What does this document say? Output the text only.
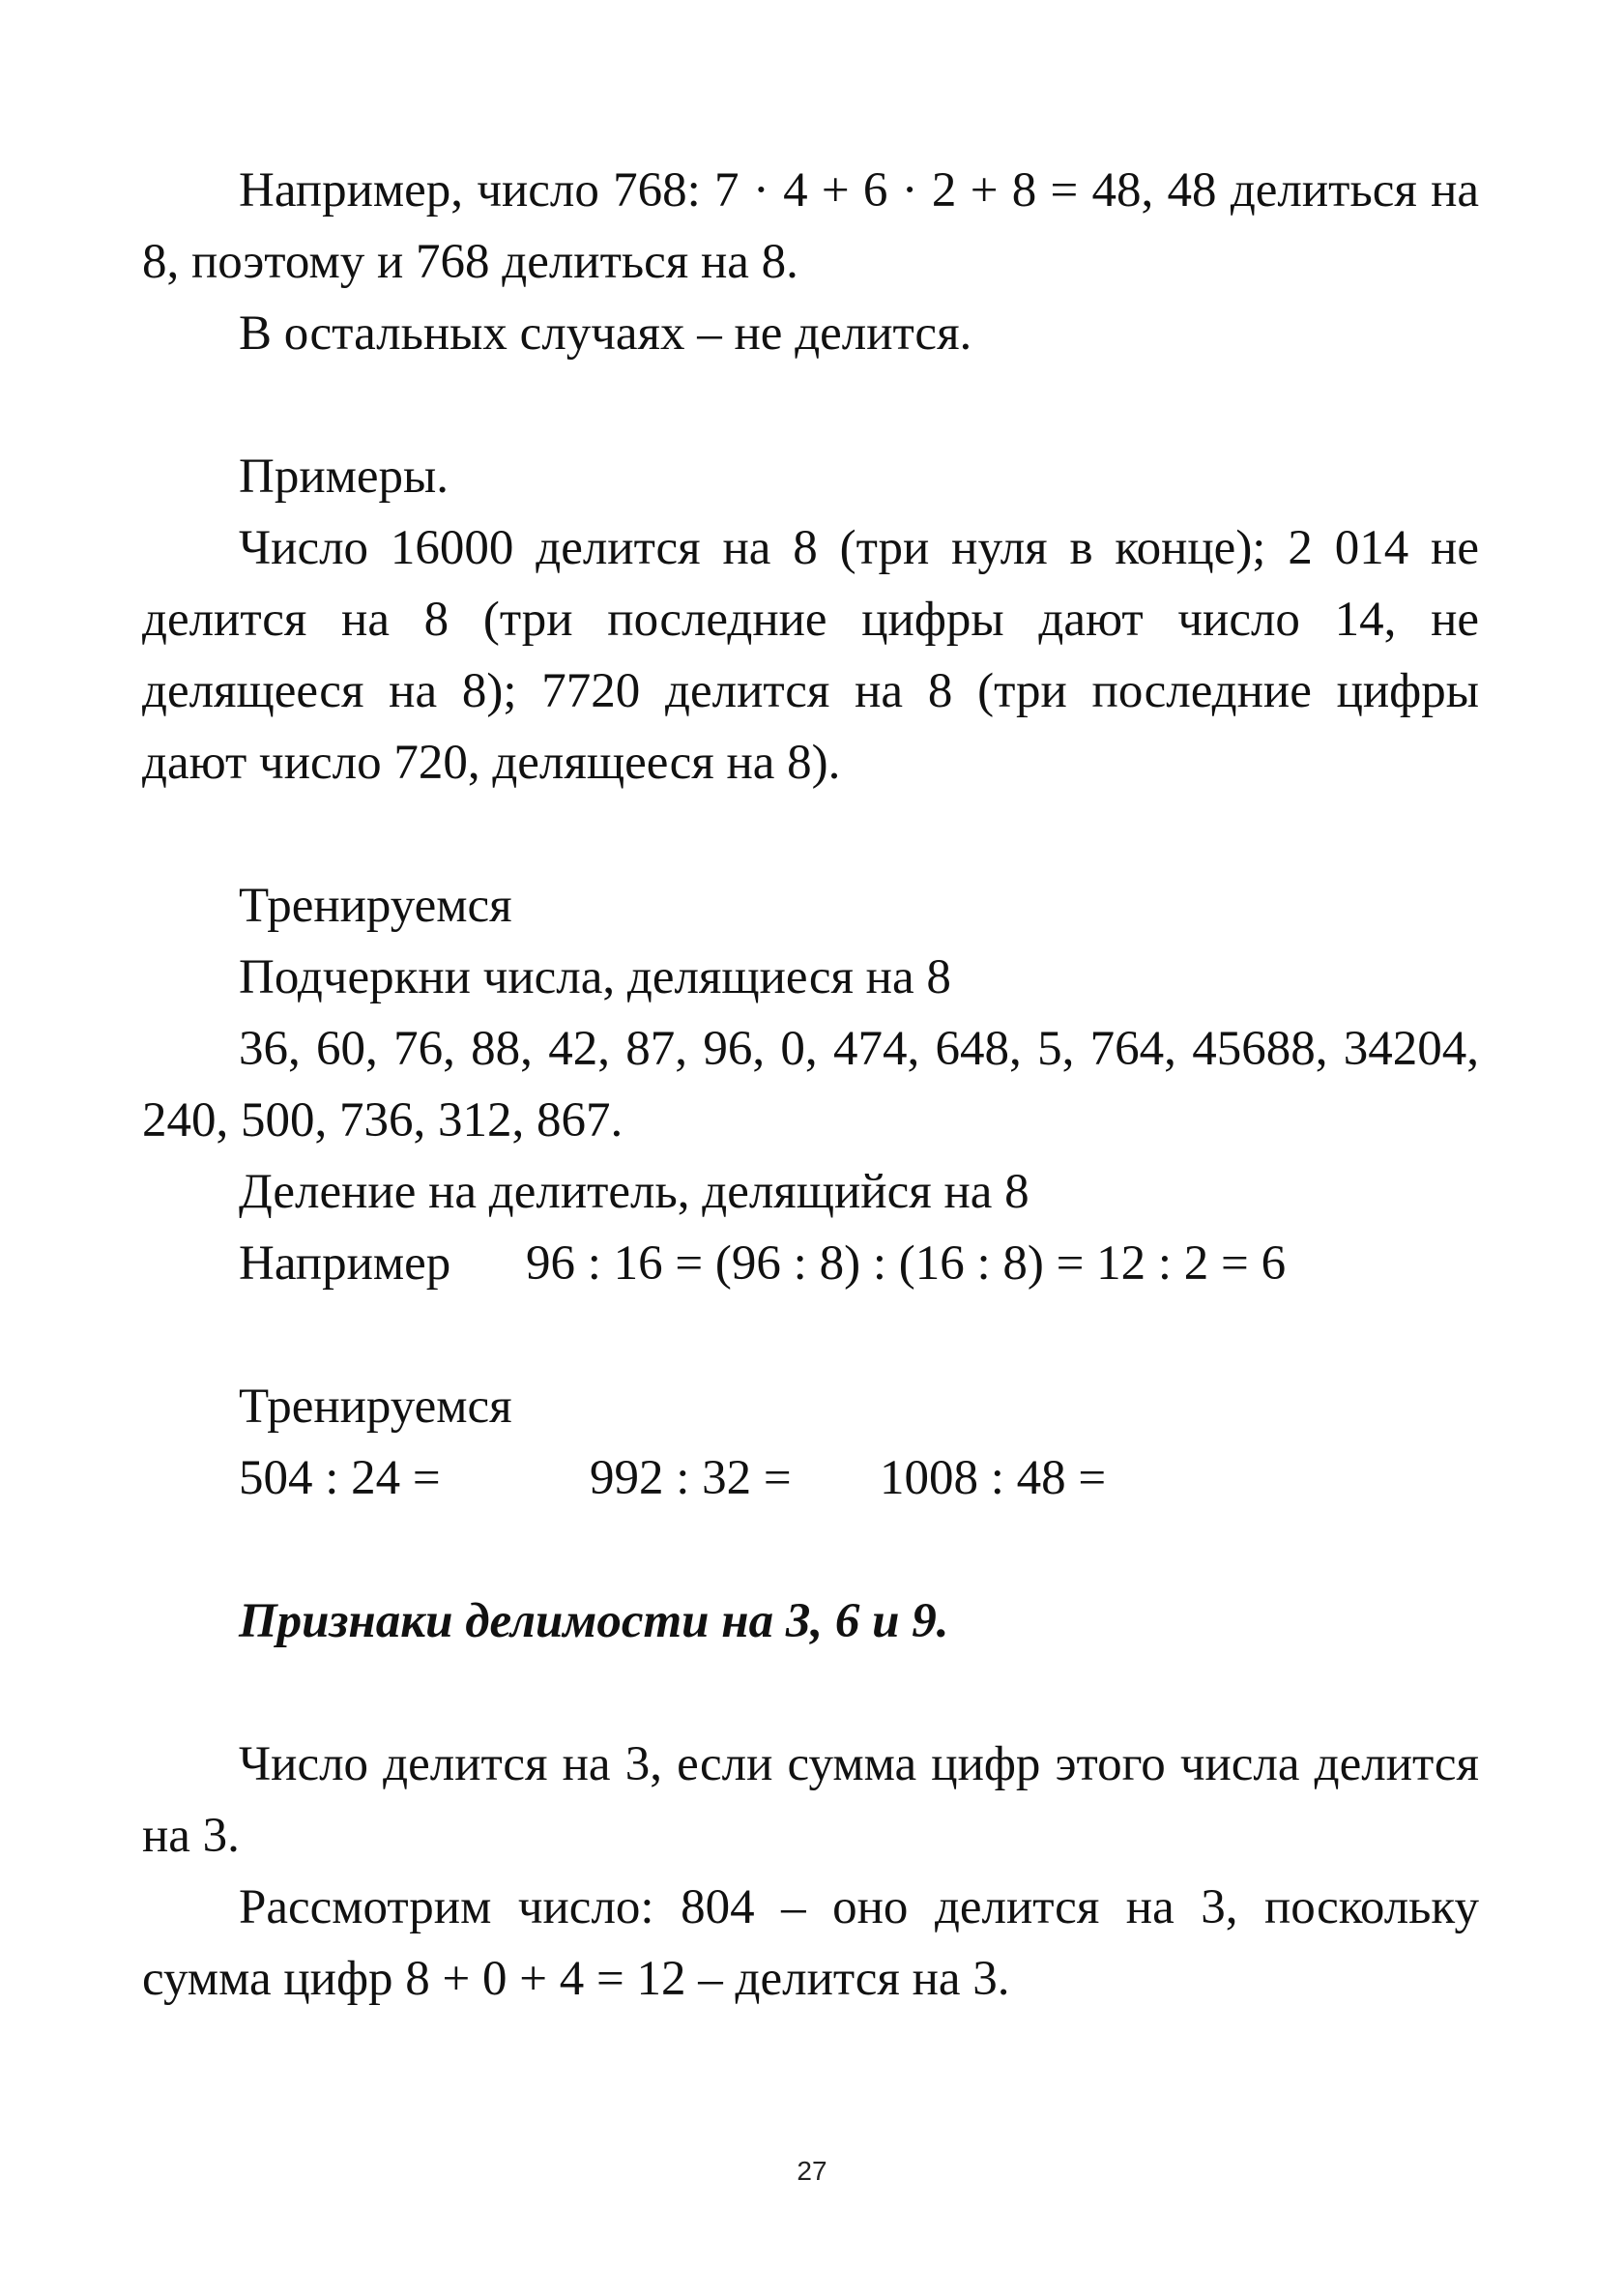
Например, число 768: 7 · 4 + 6 · 2 + 8 = 48, 48 делиться на 8, поэтому и 768 делиться на 8.

В остальных случаях – не делится.

Примеры.

Число 16000 делится на 8 (три нуля в конце); 2 014 не делится на 8 (три последние цифры дают число 14, не делящееся на 8); 7720 делится на 8 (три последние цифры дают число 720, делящееся на 8).

Тренируемся

Подчеркни числа, делящиеся на 8

36, 60, 76, 88, 42, 87, 96, 0, 474, 648, 5, 764, 45688, 34204, 240, 500, 736, 312, 867.

Деление на делитель, делящийся на 8

Например 96 : 16 = (96 : 8) : (16 : 8) = 12 : 2 = 6

Тренируемся

504 : 24 =	992 : 32 = 1008 : 48 =

Признаки делимости на 3, 6 и 9.

Число делится на 3, если сумма цифр этого числа делится на 3.

Рассмотрим число: 804 – оно делится на 3, поскольку сумма цифр 8 + 0 + 4 = 12 – делится на 3.

27
